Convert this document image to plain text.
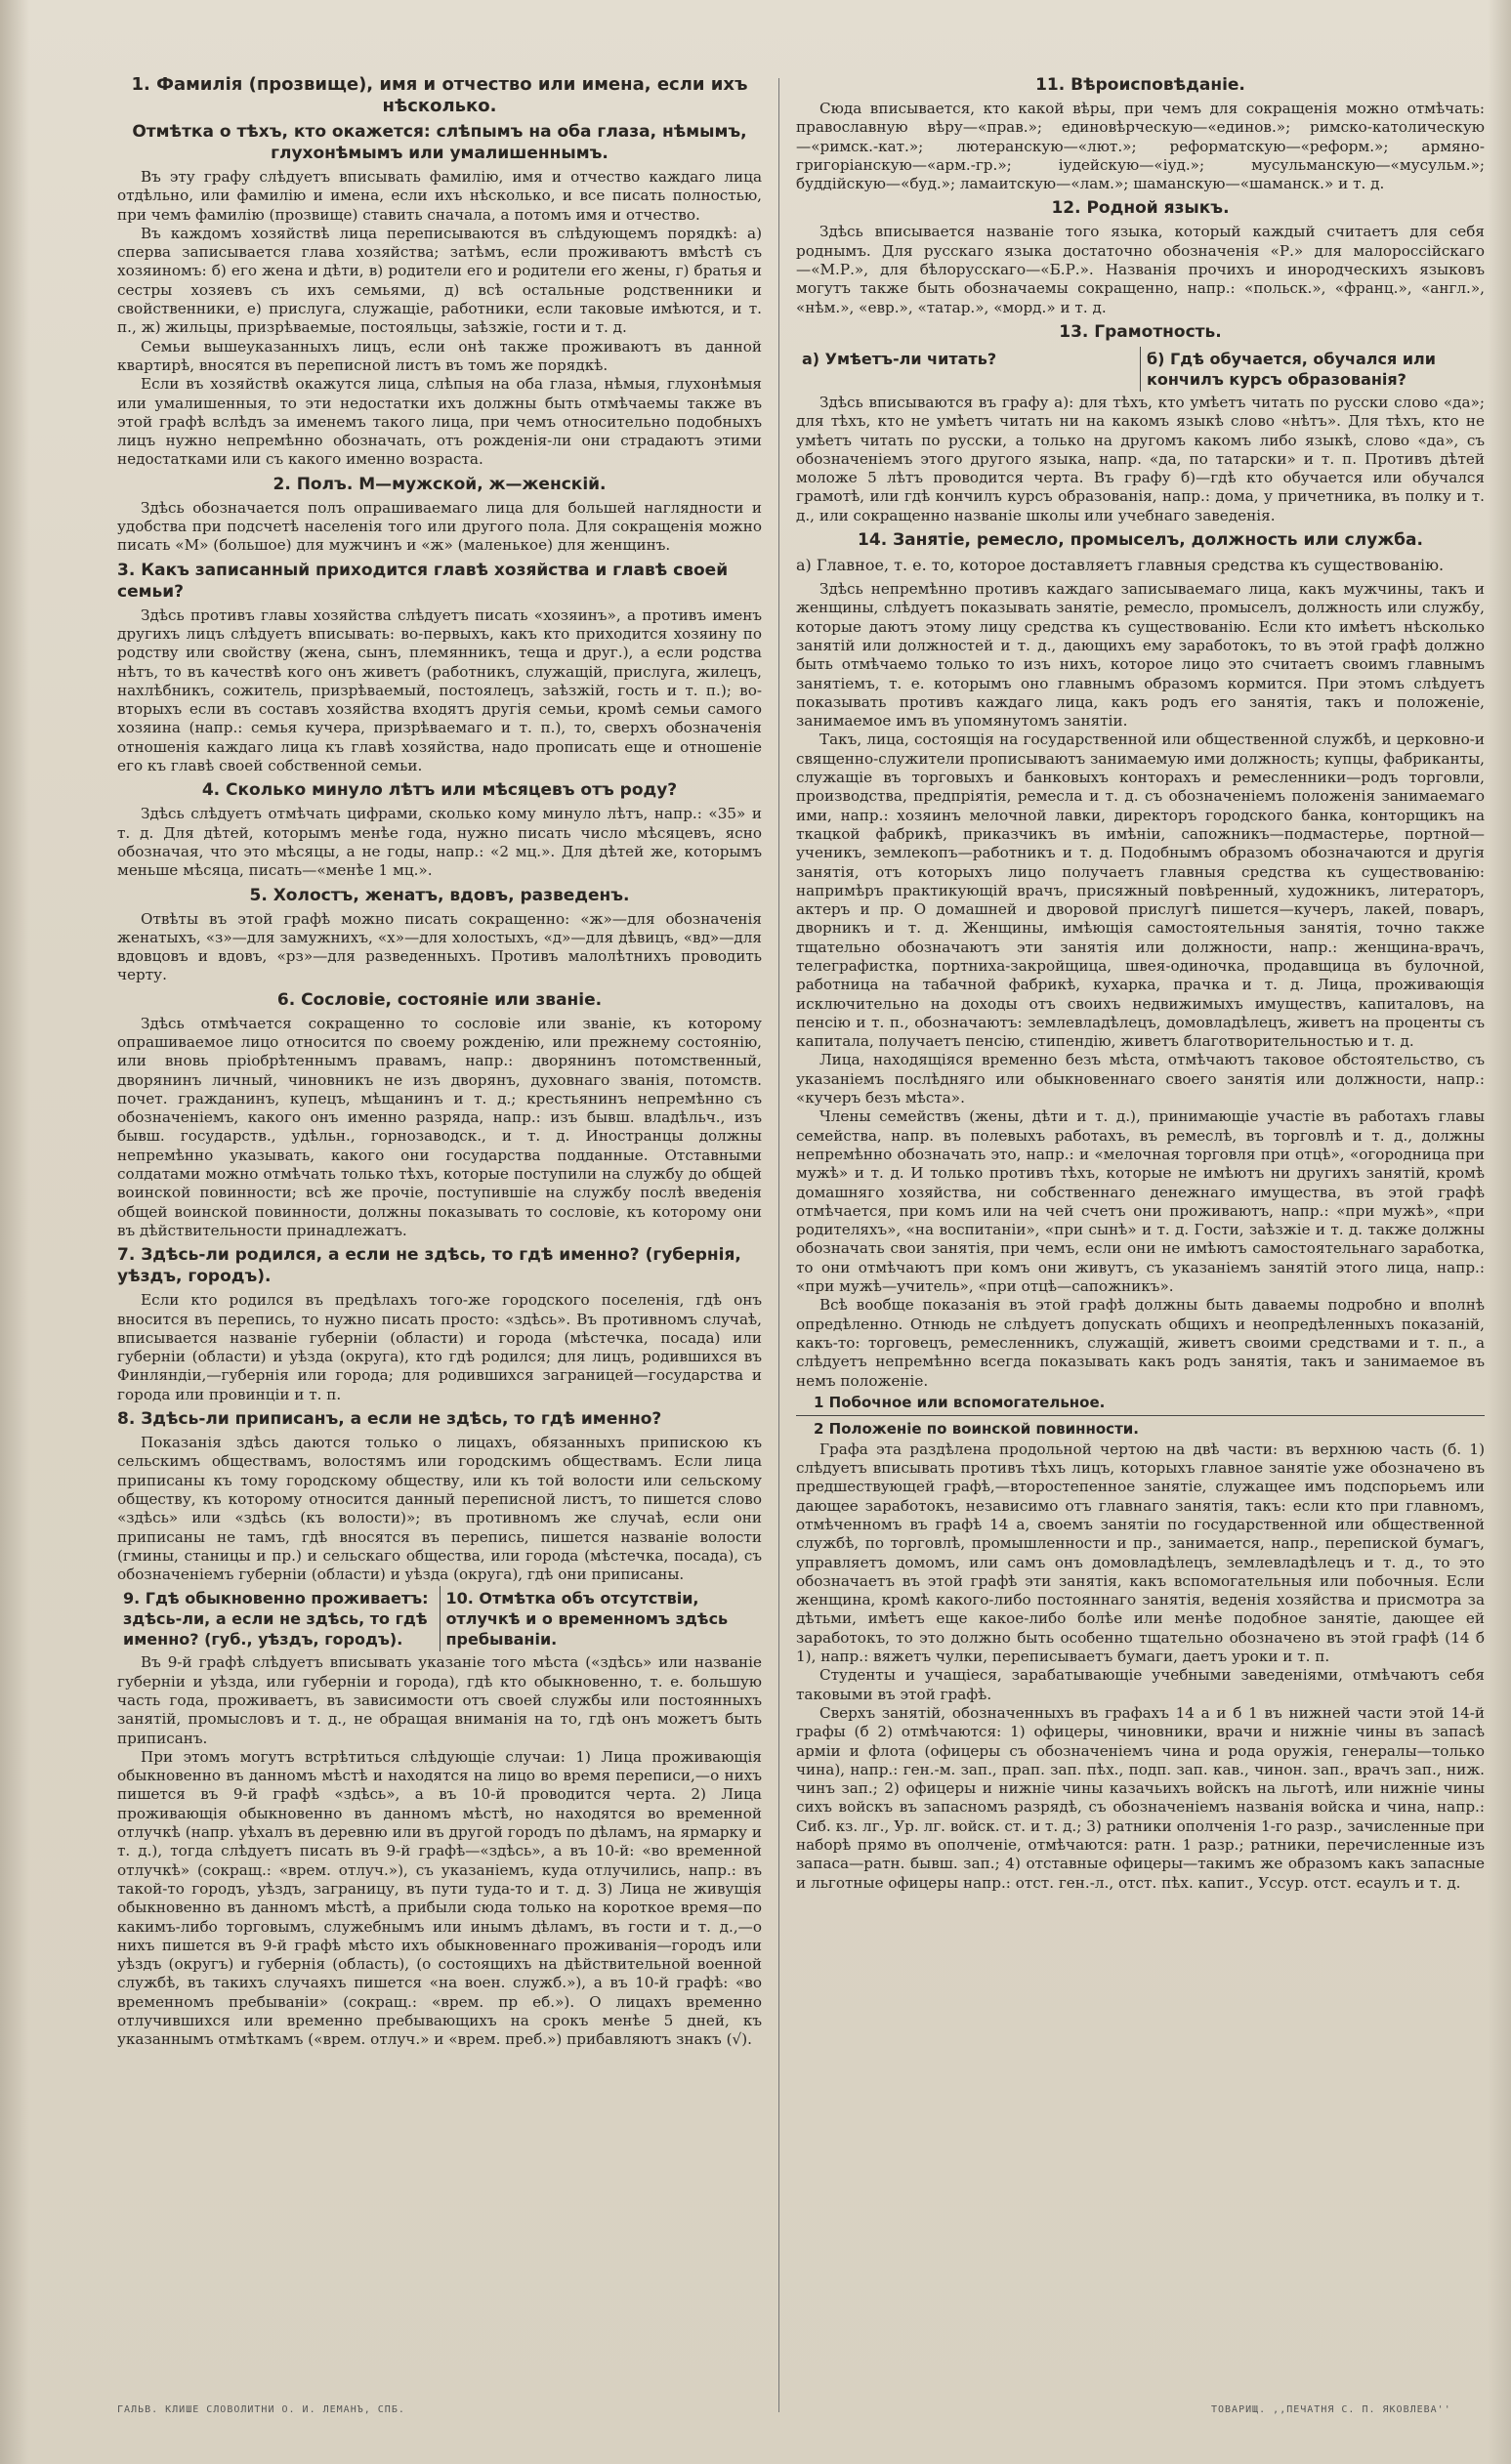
1. Фамилія (прозвище), имя и отчество или имена, если ихъ нѣсколько.
Отмѣтка о тѣхъ, кто окажется: слѣпымъ на оба глаза, нѣмымъ, глухонѣмымъ или умалишеннымъ.

Въ эту графу слѣдуетъ вписывать фамилію, имя и отчество каждаго лица отдѣльно, или фамилію и имена, если ихъ нѣсколько, и все писать полностью, при чемъ фамилію (прозвище) ставить сначала, а потомъ имя и отчество.

Въ каждомъ хозяйствѣ лица переписываются въ слѣдующемъ порядкѣ: а) сперва записывается глава хозяйства; затѣмъ, если проживаютъ вмѣстѣ съ хозяиномъ: б) его жена и дѣти, в) родители его и родители его жены, г) братья и сестры хозяевъ съ ихъ семьями, д) всѣ остальные родственники и свойственники, е) прислуга, служащіе, работники, если таковые имѣются, и т. п., ж) жильцы, призрѣваемые, постояльцы, заѣзжіе, гости и т. д.

Семьи вышеуказанныхъ лицъ, если онѣ также проживаютъ въ данной квартирѣ, вносятся въ переписной листъ въ томъ же порядкѣ.

Если въ хозяйствѣ окажутся лица, слѣпыя на оба глаза, нѣмыя, глухонѣмыя или умалишенныя, то эти недостатки ихъ должны быть отмѣчаемы также въ этой графѣ вслѣдъ за именемъ такого лица, при чемъ относительно подобныхъ лицъ нужно непремѣнно обозначать, отъ рожденія-ли они страдаютъ этими недостатками или съ какого именно возраста.

2. Полъ. М—мужской, ж—женскій.

Здѣсь обозначается полъ опрашиваемаго лица для большей наглядности и удобства при подсчетѣ населенія того или другого пола. Для сокращенія можно писать «М» (большое) для мужчинъ и «ж» (маленькое) для женщинъ.

3. Какъ записанный приходится главѣ хозяйства и главѣ своей семьи?

Здѣсь противъ главы хозяйства слѣдуетъ писать «хозяинъ», а противъ именъ другихъ лицъ слѣдуетъ вписывать: во-первыхъ, какъ кто приходится хозяину по родству или свойству (жена, сынъ, племянникъ, теща и друг.), а если родства нѣтъ, то въ качествѣ кого онъ живетъ (работникъ, служащій, прислуга, жилецъ, нахлѣбникъ, сожитель, призрѣваемый, постоялецъ, заѣзжій, гость и т. п.); во-вторыхъ если въ составъ хозяйства входятъ другія семьи, кромѣ семьи самого хозяина (напр.: семья кучера, призрѣваемаго и т. п.), то, сверхъ обозначенія отношенія каждаго лица къ главѣ хозяйства, надо прописать еще и отношеніе его къ главѣ своей собственной семьи.

4. Сколько минуло лѣтъ или мѣсяцевъ отъ роду?

Здѣсь слѣдуетъ отмѣчать цифрами, сколько кому минуло лѣтъ, напр.: «35» и т. д. Для дѣтей, которымъ менѣе года, нужно писать число мѣсяцевъ, ясно обозначая, что это мѣсяцы, а не годы, напр.: «2 мц.». Для дѣтей же, которымъ меньше мѣсяца, писать—«менѣе 1 мц.».

5. Холостъ, женатъ, вдовъ, разведенъ.

Отвѣты въ этой графѣ можно писать сокращенно: «ж»—для обозначенія женатыхъ, «з»—для замужнихъ, «х»—для холостыхъ, «д»—для дѣвицъ, «вд»—для вдовцовъ и вдовъ, «рз»—для разведенныхъ. Противъ малолѣтнихъ проводить черту.

6. Сословіе, состояніе или званіе.

Здѣсь отмѣчается сокращенно то сословіе или званіе, къ которому опрашиваемое лицо относится по своему рожденію, или прежнему состоянію, или вновь пріобрѣтеннымъ правамъ, напр.: дворянинъ потомственный, дворянинъ личный, чиновникъ не изъ дворянъ, духовнаго званія, потомств. почет. гражданинъ, купецъ, мѣщанинъ и т. д.; крестьянинъ непремѣнно съ обозначеніемъ, какого онъ именно разряда, напр.: изъ бывш. владѣльч., изъ бывш. государств., удѣльн., горнозаводск., и т. д. Иностранцы должны непремѣнно указывать, какого они государства подданные. Отставными солдатами можно отмѣчать только тѣхъ, которые поступили на службу до общей воинской повинности; всѣ же прочіе, поступившіе на службу послѣ введенія общей воинской повинности, должны показывать то сословіе, къ которому они въ дѣйствительности принадлежатъ.

7. Здѣсь-ли родился, а если не здѣсь, то гдѣ именно? (губернія, уѣздъ, городъ).

Если кто родился въ предѣлахъ того-же городского поселенія, гдѣ онъ вносится въ перепись, то нужно писать просто: «здѣсь». Въ противномъ случаѣ, вписывается названіе губерніи (области) и города (мѣстечка, посада) или губерніи (области) и уѣзда (округа), кто гдѣ родился; для лицъ, родившихся въ Финляндіи,—губернія или города; для родившихся заграницей—государства и города или провинціи и т. п.

8. Здѣсь-ли приписанъ, а если не здѣсь, то гдѣ именно?

Показанія здѣсь даются только о лицахъ, обязанныхъ припискою къ сельскимъ обществамъ, волостямъ или городскимъ обществамъ. Если лица приписаны къ тому городскому обществу, или къ той волости или сельскому обществу, къ которому относится данный переписной листъ, то пишется слово «здѣсь» или «здѣсь (къ волости)»; въ противномъ же случаѣ, если они приписаны не тамъ, гдѣ вносятся въ перепись, пишется названіе волости (гмины, станицы и пр.) и сельскаго общества, или города (мѣстечка, посада), съ обозначеніемъ губерніи (области) и уѣзда (округа), гдѣ они приписаны.

9. Гдѣ обыкновенно проживаетъ: здѣсь-ли, а если не здѣсь, то гдѣ именно? (губ., уѣздъ, городъ).
10. Отмѣтка объ отсутствіи, отлучкѣ и о временномъ здѣсь пребываніи.

Въ 9-й графѣ слѣдуетъ вписывать указаніе того мѣста («здѣсь» или названіе губерніи и уѣзда, или губерніи и города), гдѣ кто обыкновенно, т. е. большую часть года, проживаетъ, въ зависимости отъ своей службы или постоянныхъ занятій, промысловъ и т. д., не обращая вниманія на то, гдѣ онъ можетъ быть приписанъ.

При этомъ могутъ встрѣтиться слѣдующіе случаи: 1) Лица проживающія обыкновенно въ данномъ мѣстѣ и находятся на лицо во время переписи,—о нихъ пишется въ 9-й графѣ «здѣсь», а въ 10-й проводится черта. 2) Лица проживающія обыкновенно въ данномъ мѣстѣ, но находятся во временной отлучкѣ (напр. уѣхалъ въ деревню или въ другой городъ по дѣламъ, на ярмарку и т. д.), тогда слѣдуетъ писать въ 9-й графѣ—«здѣсь», а въ 10-й: «во временной отлучкѣ» (сокращ.: «врем. отлуч.»), съ указаніемъ, куда отлучились, напр.: въ такой-то городъ, уѣздъ, заграницу, въ пути туда-то и т. д. 3) Лица не живущія обыкновенно въ данномъ мѣстѣ, а прибыли сюда только на короткое время—по какимъ-либо торговымъ, служебнымъ или инымъ дѣламъ, въ гости и т. д.,—о нихъ пишется въ 9-й графѣ мѣсто ихъ обыкновеннаго проживанія—городъ или уѣздъ (округъ) и губернія (область), (о состоящихъ на дѣйствительной военной службѣ, въ такихъ случаяхъ пишется «на воен. служб.»), а въ 10-й графѣ: «во временномъ пребываніи» (сокращ.: «врем. пр еб.»). О лицахъ временно отлучившихся или временно пребывающихъ на срокъ менѣе 5 дней, къ указаннымъ отмѣткамъ («врем. отлуч.» и «врем. преб.») прибавляютъ знакъ (√).

11. Вѣроисповѣданіе.

Сюда вписывается, кто какой вѣры, при чемъ для сокращенія можно отмѣчать: православную вѣру—«прав.»; единовѣрческую—«единов.»; римско-католическую—«римск.-кат.»; лютеранскую—«лют.»; реформатскую—«реформ.»; армяно-григоріанскую—«арм.-гр.»; іудейскую—«іуд.»; мусульманскую—«мусульм.»; буддійскую—«буд.»; ламаитскую—«лам.»; шаманскую—«шаманск.» и т. д.

12. Родной языкъ.

Здѣсь вписывается названіе того языка, который каждый считаетъ для себя роднымъ. Для русскаго языка достаточно обозначенія «Р.» для малороссійскаго—«М.Р.», для бѣлорусскаго—«Б.Р.». Названія прочихъ и инородческихъ языковъ могутъ также быть обозначаемы сокращенно, напр.: «польск.», «франц.», «англ.», «нѣм.», «евр.», «татар.», «морд.» и т. д.

13. Грамотность.
а) Умѣетъ-ли читать?	б) Гдѣ обучается, обучался или кончилъ курсъ образованія?

Здѣсь вписываются въ графу а): для тѣхъ, кто умѣетъ читать по русски слово «да»; для тѣхъ, кто не умѣетъ читать ни на какомъ языкѣ слово «нѣтъ». Для тѣхъ, кто не умѣетъ читать по русски, а только на другомъ какомъ либо языкѣ, слово «да», съ обозначеніемъ этого другого языка, напр. «да, по татарски» и т. п. Противъ дѣтей моложе 5 лѣтъ проводится черта. Въ графу б)—гдѣ кто обучается или обучался грамотѣ, или гдѣ кончилъ курсъ образованія, напр.: дома, у причетника, въ полку и т. д., или сокращенно названіе школы или учебнаго заведенія.

14. Занятіе, ремесло, промыселъ, должность или служба.
а) Главное, т. е. то, которое доставляетъ главныя средства къ существованію.

Здѣсь непремѣнно противъ каждаго записываемаго лица, какъ мужчины, такъ и женщины, слѣдуетъ показывать занятіе, ремесло, промыселъ, должность или службу, которые даютъ этому лицу средства къ существованію. Если кто имѣетъ нѣсколько занятій или должностей и т. д., дающихъ ему заработокъ, то въ этой графѣ должно быть отмѣчаемо только то изъ нихъ, которое лицо это считаетъ своимъ главнымъ занятіемъ, т. е. которымъ оно главнымъ образомъ кормится. При этомъ слѣдуетъ показывать противъ каждаго лица, какъ родъ его занятія, такъ и положеніе, занимаемое имъ въ упомянутомъ занятіи.

Такъ, лица, состоящія на государственной или общественной службѣ, и церковно-и священно-служители прописываютъ занимаемую ими должность; купцы, фабриканты, служащіе въ торговыхъ и банковыхъ конторахъ и ремесленники—родъ торговли, производства, предпріятія, ремесла и т. д. съ обозначеніемъ положенія занимаемаго ими, напр.: хозяинъ мелочной лавки, директоръ городского банка, конторщикъ на ткацкой фабрикѣ, приказчикъ въ имѣніи, сапожникъ—подмастерье, портной—ученикъ, землекопъ—работникъ и т. д. Подобнымъ образомъ обозначаются и другія занятія, отъ которыхъ лицо получаетъ главныя средства къ существованію: напримѣръ практикующій врачъ, присяжный повѣренный, художникъ, литераторъ, актеръ и пр. О домашней и дворовой прислугѣ пишется—кучеръ, лакей, поваръ, дворникъ и т. д. Женщины, имѣющія самостоятельныя занятія, точно также тщательно обозначаютъ эти занятія или должности, напр.: женщина-врачъ, телеграфистка, портниха-закройщица, швея-одиночка, продавщица въ булочной, работница на табачной фабрикѣ, кухарка, прачка и т. д. Лица, проживающія исключительно на доходы отъ своихъ недвижимыхъ имуществъ, капиталовъ, на пенсію и т. п., обозначаютъ: землевладѣлецъ, домовладѣлецъ, живетъ на проценты съ капитала, получаетъ пенсію, стипендію, живетъ благотворительностью и т. д.

Лица, находящіяся временно безъ мѣста, отмѣчаютъ таковое обстоятельство, съ указаніемъ послѣдняго или обыкновеннаго своего занятія или должности, напр.: «кучеръ безъ мѣста».

Члены семействъ (жены, дѣти и т. д.), принимающіе участіе въ работахъ главы семейства, напр. въ полевыхъ работахъ, въ ремеслѣ, въ торговлѣ и т. д., должны непремѣнно обозначать это, напр.: и «мелочная торговля при отцѣ», «огородница при мужѣ» и т. д. И только противъ тѣхъ, которые не имѣютъ ни другихъ занятій, кромѣ домашняго хозяйства, ни собственнаго денежнаго имущества, въ этой графѣ отмѣчается, при комъ или на чей счетъ они проживаютъ, напр.: «при мужѣ», «при родителяхъ», «на воспитаніи», «при сынѣ» и т. д. Гости, заѣзжіе и т. д. также должны обозначать свои занятія, при чемъ, если они не имѣютъ самостоятельнаго заработка, то они отмѣчаютъ при комъ они живутъ, съ указаніемъ занятій этого лица, напр.: «при мужѣ—учитель», «при отцѣ—сапожникъ».

Всѣ вообще показанія въ этой графѣ должны быть даваемы подробно и вполнѣ опредѣленно. Отнюдь не слѣдуетъ допускать общихъ и неопредѣленныхъ показаній, какъ-то: торговецъ, ремесленникъ, служащій, живетъ своими средствами и т. п., а слѣдуетъ непремѣнно всегда показывать какъ родъ занятія, такъ и занимаемое въ немъ положеніе.

1 Побочное или вспомогательное.
2 Положеніе по воинской повинности.

Графа эта раздѣлена продольной чертою на двѣ части: въ верхнюю часть (б. 1) слѣдуетъ вписывать противъ тѣхъ лицъ, которыхъ главное занятіе уже обозначено въ предшествующей графѣ,—второстепенное занятіе, служащее имъ подспорьемъ или дающее заработокъ, независимо отъ главнаго занятія, такъ: если кто при главномъ, отмѣченномъ въ графѣ 14 а, своемъ занятіи по государственной или общественной службѣ, по торговлѣ, промышленности и пр., занимается, напр., перепиской бумагъ, управляетъ домомъ, или самъ онъ домовладѣлецъ, землевладѣлецъ и т. д., то это обозначаетъ въ этой графѣ эти занятія, какъ вспомогательныя или побочныя. Если женщина, кромѣ какого-либо постояннаго занятія, веденія хозяйства и присмотра за дѣтьми, имѣетъ еще какое-либо болѣе или менѣе подобное занятіе, дающее ей заработокъ, то это должно быть особенно тщательно обозначено въ этой графѣ (14 б 1), напр.: вяжетъ чулки, переписываетъ бумаги, даетъ уроки и т. п.

Студенты и учащіеся, зарабатывающіе учебными заведеніями, отмѣчаютъ себя таковыми въ этой графѣ.

Сверхъ занятій, обозначенныхъ въ графахъ 14 а и б 1 въ нижней части этой 14-й графы (б 2) отмѣчаются: 1) офицеры, чиновники, врачи и нижніе чины въ запасѣ арміи и флота (офицеры съ обозначеніемъ чина и рода оружія, генералы—только чина), напр.: ген.-м. зап., прап. зап. пѣх., подп. зап. кав., чинон. зап., врачъ зап., ниж. чинъ зап.; 2) офицеры и нижніе чины казачьихъ войскъ на льготѣ, или нижніе чины сихъ войскъ въ запасномъ разрядѣ, съ обозначеніемъ названія войска и чина, напр.: Сиб. кз. лг., Ур. лг. войск. ст. и т. д.; 3) ратники ополченія 1-го разр., зачисленные при наборѣ прямо въ ополченіе, отмѣчаются: ратн. 1 разр.; ратники, перечисленные изъ запаса—ратн. бывш. зап.; 4) отставные офицеры—такимъ же образомъ какъ запасные и льготные офицеры напр.: отст. ген.-л., отст. пѣх. капит., Уссур. отст. есаулъ и т. д.

ГАЛЬВ. КЛИШЕ СЛОВОЛИТНИ О. И. ЛЕМАНЪ, СПБ.	ТОВАРИЩ. ,,ПЕЧАТНЯ С. П. ЯКОВЛЕВА''
